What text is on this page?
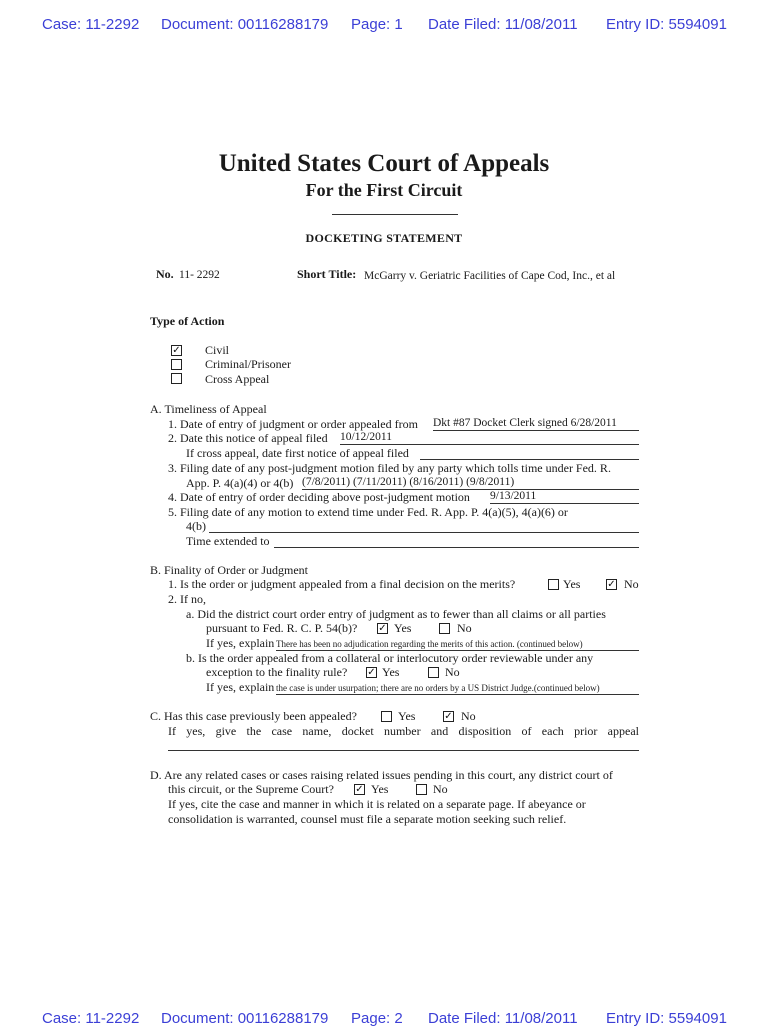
Case: 11-2292 Document: 00116288179 Page: 1 Date Filed: 11/08/2011 Entry ID: 5594091
United States Court of Appeals
For the First Circuit
DOCKETING STATEMENT
No. 11- 2292	Short Title: McGarry v. Geriatric Facilities of Cape Cod, Inc., et al
Type of Action
✓ Civil
Criminal/Prisoner
Cross Appeal
A. Timeliness of Appeal
1. Date of entry of judgment or order appealed from Dkt #87 Docket Clerk signed 6/28/2011
2. Date this notice of appeal filed 10/12/2011
If cross appeal, date first notice of appeal filed
3. Filing date of any post-judgment motion filed by any party which tolls time under Fed. R.
App. P. 4(a)(4) or 4(b) (7/8/2011) (7/11/2011) (8/16/2011) (9/8/2011)
4. Date of entry of order deciding above post-judgment motion 9/13/2011
5. Filing date of any motion to extend time under Fed. R. App. P. 4(a)(5), 4(a)(6) or
4(b)
Time extended to
B. Finality of Order or Judgment
1. Is the order or judgment appealed from a final decision on the merits?	Yes	✓ No
2. If no,
a. Did the district court order entry of judgment as to fewer than all claims or all parties
pursuant to Fed. R. C. P. 54(b)? ✓ Yes	No
If yes, explain There has been no adjudication regarding the merits of this action. (continued below)
b. Is the order appealed from a collateral or interlocutory order reviewable under any
exception to the finality rule? ✓ Yes	No
If yes, explain the case is under usurpation; there are no orders by a US District Judge.(continued below)
C. Has this case previously been appealed?	Yes	✓ No
If yes, give the case name, docket number and disposition of each prior appeal
D. Are any related cases or cases raising related issues pending in this court, any district court of
this circuit, or the Supreme Court? ✓ Yes	No
If yes, cite the case and manner in which it is related on a separate page. If abeyance or
consolidation is warranted, counsel must file a separate motion seeking such relief.
Case: 11-2292 Document: 00116288179 Page: 2 Date Filed: 11/08/2011 Entry ID: 5594091
